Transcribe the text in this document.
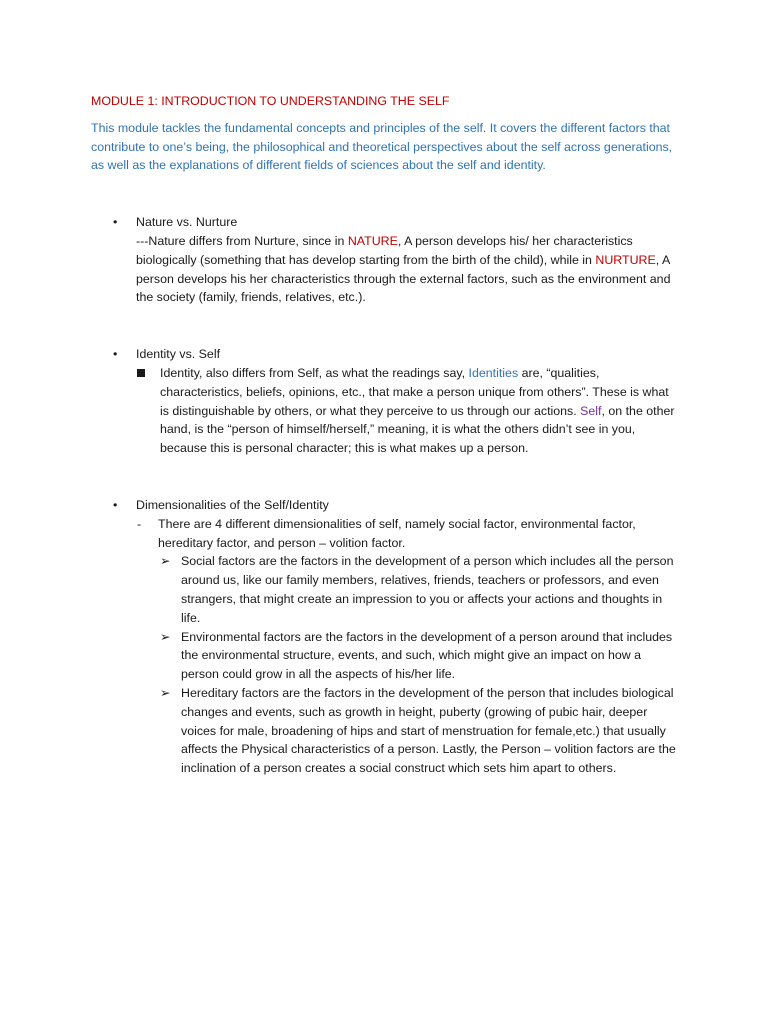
MODULE 1: INTRODUCTION TO UNDERSTANDING THE SELF

This module tackles the fundamental concepts and principles of the self. It covers the different factors that contribute to one’s being, the philosophical and theoretical perspectives about the self across generations, as well as the explanations of different fields of sciences about the self and identity.

• Nature vs. Nurture

---Nature differs from Nurture, since in NATURE, A person develops his/ her characteristics biologically (something that has develop starting from the birth of the child), while in NURTURE, A person develops his her characteristics through the external factors, such as the environment and the society (family, friends, relatives, etc.).

• Identity vs. Self
Identity, also differs from Self, as what the readings say, Identities are, “qualities, characteristics, beliefs, opinions, etc., that make a person unique from others”. These is what is distinguishable by others, or what they perceive to us through our actions. Self, on the other hand, is the “person of himself/herself,” meaning, it is what the others didn’t see in you, because this is personal character; this is what makes up a person.
• Dimensionalities of the Self/Identity
- There are 4 different dimensionalities of self, namely social factor, environmental factor, hereditary factor, and person – volition factor.
➢ Social factors are the factors in the development of a person which includes all the person around us, like our family members, relatives, friends, teachers or professors, and even strangers, that might create an impression to you or affects your actions and thoughts in life.
➢ Environmental factors are the factors in the development of a person around that includes the environmental structure, events, and such, which might give an impact on how a person could grow in all the aspects of his/her life.
➢ Hereditary factors are the factors in the development of the person that includes biological changes and events, such as growth in height, puberty (growing of pubic hair, deeper voices for male, broadening of hips and start of menstruation for female,etc.) that usually affects the Physical characteristics of a person. Lastly, the Person – volition factors are the inclination of a person creates a social construct which sets him apart to others.
